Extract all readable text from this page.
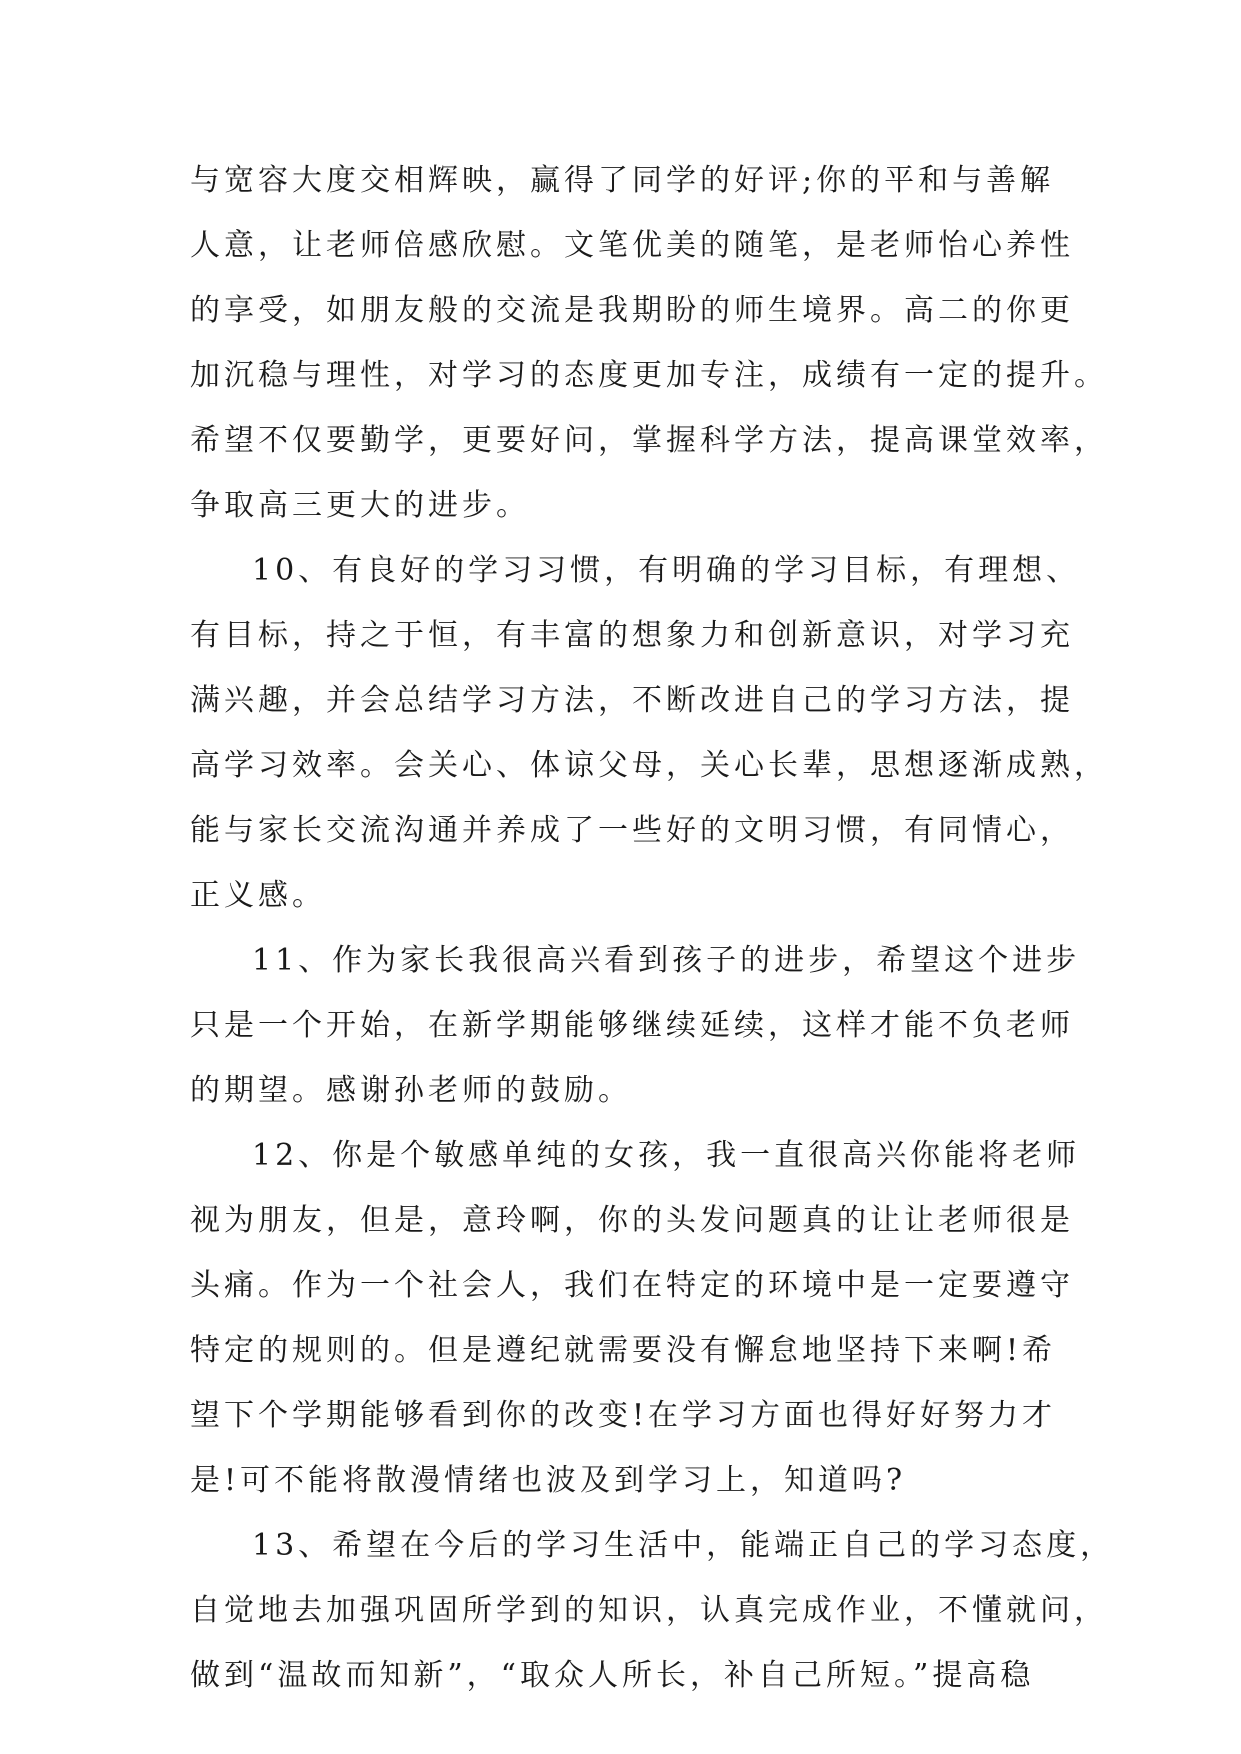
与宽容大度交相辉映，赢得了同学的好评;你的平和与善解
人意，让老师倍感欣慰。文笔优美的随笔，是老师怡心养性
的享受，如朋友般的交流是我期盼的师生境界。高二的你更
加沉稳与理性，对学习的态度更加专注，成绩有一定的提升。
希望不仅要勤学，更要好问，掌握科学方法，提高课堂效率，
争取高三更大的进步。
10、有良好的学习习惯，有明确的学习目标，有理想、
有目标，持之于恒，有丰富的想象力和创新意识，对学习充
满兴趣，并会总结学习方法，不断改进自己的学习方法，提
高学习效率。会关心、体谅父母，关心长辈，思想逐渐成熟，
能与家长交流沟通并养成了一些好的文明习惯，有同情心，
正义感。
11、作为家长我很高兴看到孩子的进步，希望这个进步
只是一个开始，在新学期能够继续延续，这样才能不负老师
的期望。感谢孙老师的鼓励。
12、你是个敏感单纯的女孩，我一直很高兴你能将老师
视为朋友，但是，意玲啊，你的头发问题真的让让老师很是
头痛。作为一个社会人，我们在特定的环境中是一定要遵守
特定的规则的。但是遵纪就需要没有懈怠地坚持下来啊!希
望下个学期能够看到你的改变!在学习方面也得好好努力才
是!可不能将散漫情绪也波及到学习上，知道吗?
13、希望在今后的学习生活中，能端正自己的学习态度，
自觉地去加强巩固所学到的知识，认真完成作业，不懂就问，
做到“温故而知新”，“取众人所长，补自己所短。”提高稳
